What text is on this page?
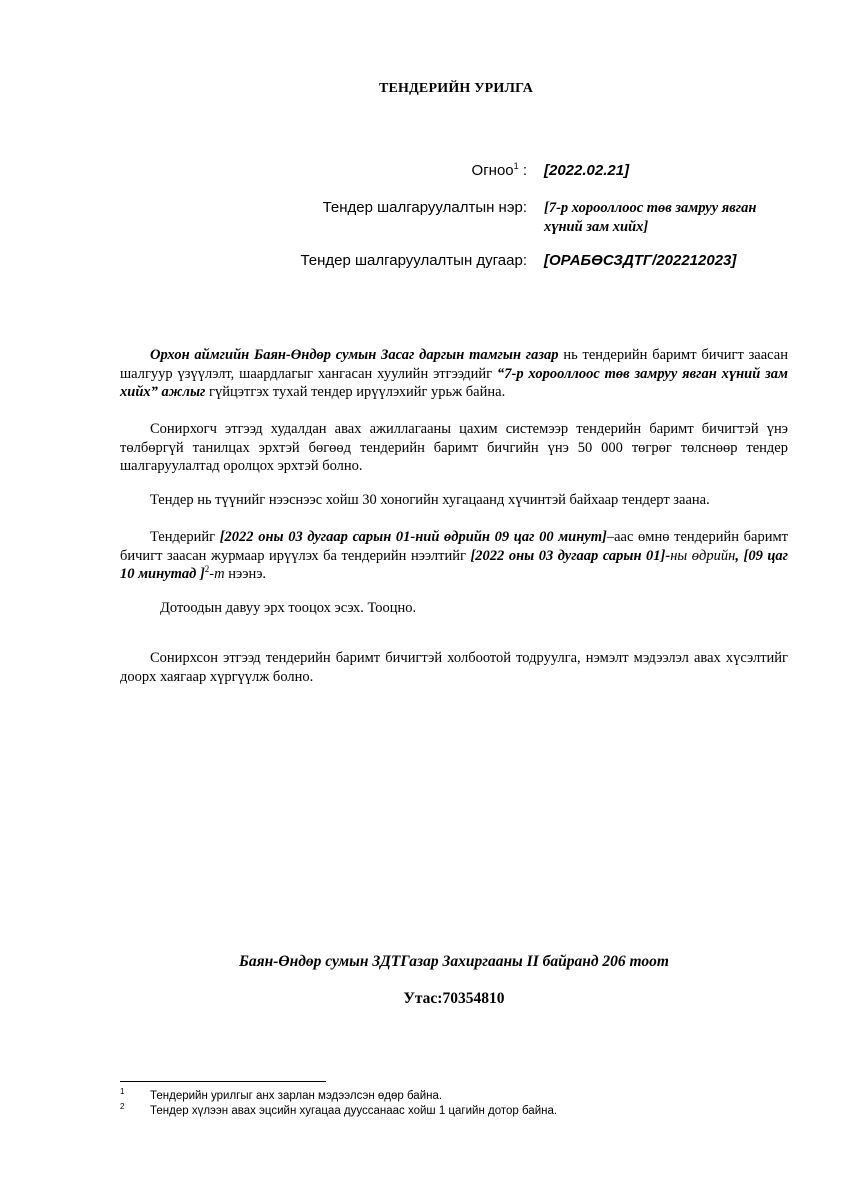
ТЕНДЕРИЙН УРИЛГА
Огноо$^1$ : [2022.02.21]
Тендер шалгаруулалтын нэр: [7-р хорооллоос төв замруу явган хүний зам хийх]
Тендер шалгаруулалтын дугаар: [ОРАБӨСЗДТГ/202212023]
Орхон аймгийн Баян-Өндөр сумын Засаг даргын тамгын газар нь тендерийн баримт бичигт заасан шалгуур үзүүлэлт, шаардлагыг хангасан хуулийн этгээдийг “7-р хорооллоос төв замруу явган хүний зам хийх” ажлыг гүйцэтгэх тухай тендер ирүүлэхийг урьж байна.
Сонирхогч этгээд худалдан авах ажиллагааны цахим системээр тендерийн баримт бичигтэй үнэ төлбөргүй танилцах эрхтэй бөгөөд тендерийн баримт бичгийн үнэ 50 000 төгрөг төлснөөр тендер шалгаруулалтад оролцох эрхтэй болно.
Тендер нь түүнийг нээснээс хойш 30 хоногийн хугацаанд хүчинтэй байхаар тендерт заана.
Тендерийг [2022 оны 03 дугаар сарын 01-ний өдрийн 09 цаг 00 минут]–аас өмнө тендерийн баримт бичигт заасан журмаар ирүүлэх ба тендерийн нээлтийг [2022 оны 03 дугаар сарын 01]-ны өдрийн, [09 цаг 10 минутад ]$^2$-т нээнэ.
Дотоодын давуу эрх тооцох эсэх. Тооцно.
Сонирхсон этгээд тендерийн баримт бичигтэй холбоотой тодруулга, нэмэлт мэдээлэл авах хүсэлтийг доорх хаягаар хүргүүлж болно.
Баян-Өндөр сумын ЗДТГазар Захиргааны II байранд 206 тоот
Утас:70354810
1 Тендерийн урилгыг анх зарлан мэдээлсэн өдөр байна.
2 Тендер хүлээн авах эцсийн хугацаа дууссанаас хойш 1 цагийн дотор байна.
